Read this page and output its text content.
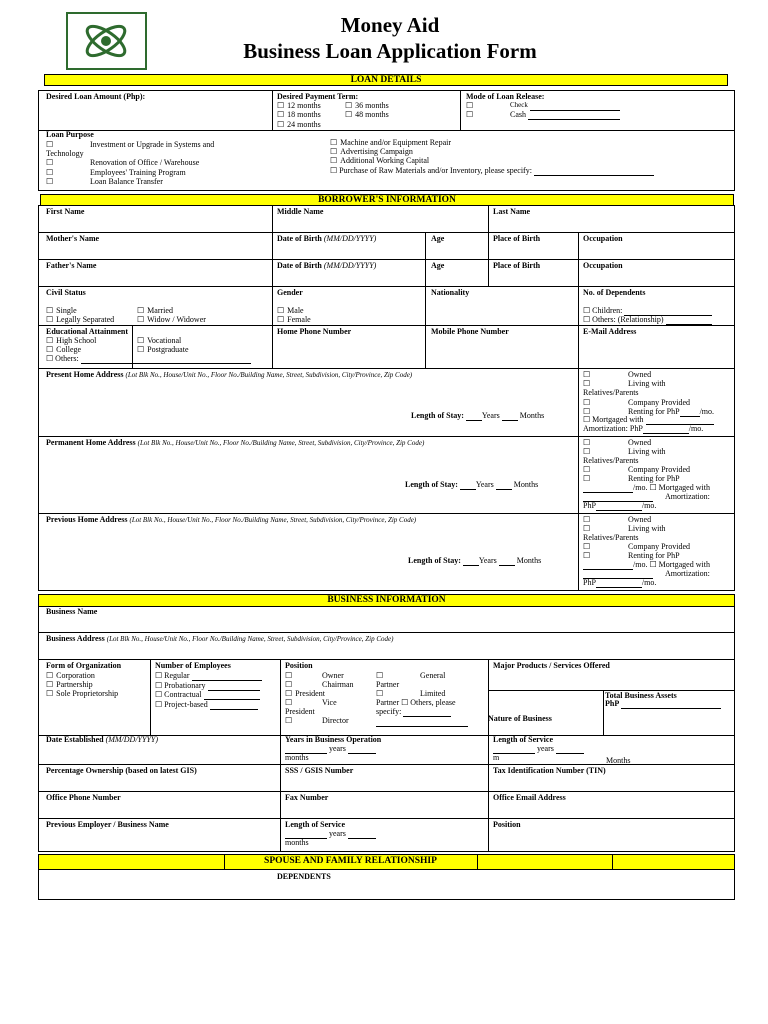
Money Aid
Business Loan Application Form
LOAN DETAILS
Desired Loan Amount (Php):	Desired Payment Term:
☐ 12 months
☐ 18 months
☐ 24 months
☐ 36 months
☐ 48 months
Mode of Loan Release:
☐	Check
☐	Cash
Loan Purpose
☐	Investment or Upgrade in Systems and
Technology
☐	Renovation of Office / Warehouse
☐	Employees' Training Program
☐	Loan Balance Transfer
☐ Machine and/or Equipment Repair
☐ Advertising Campaign
☐ Additional Working Capital
☐ Purchase of Raw Materials and/or Inventory, please specify:
BORROWER'S INFORMATION
First Name	Middle Name	Last Name
Mother's Name	Date of Birth (MM/DD/YYYY)	Age	Place of Birth	Occupation
Father's Name	Date of Birth (MM/DD/YYYY)	Age	Place of Birth	Occupation
Civil Status
☐ Single	☐ Married
☐ Legally Separated	☐ Widow / Widower
Gender
☐ Male
☐ Female
Nationality	No. of Dependents
☐ Children:
☐ Others: (Relationship)
Educational Attainment
☐ High School	☐ Vocational
☐ College	☐ Postgraduate
☐ Others:
Home Phone Number	Mobile Phone Number	E-Mail Address
Present Home Address (Lot Blk No., House/Unit No., Floor No./Building Name, Street, Subdivision, City/Province, Zip Code)
Length of Stay: Years	Months
☐	Owned
☐	Living with
Relatives/Parents
☐	Company Provided
☐	Renting for PhP	/mo.
☐ Mortgaged with
Amortization: PhP	/mo.
Permanent Home Address (Lot Blk No., House/Unit No., Floor No./Building Name, Street, Subdivision, City/Province, Zip Code)
Length of Stay: Years	Months
☐	Owned
☐	Living with
Relatives/Parents
☐	Company Provided
☐	Renting for PhP
/mo. ☐ Mortgaged with
Amortization:
PhP	/mo.
Previous Home Address (Lot Blk No., House/Unit No., Floor No./Building Name, Street, Subdivision, City/Province, Zip Code)
Length of Stay: Years	Months
☐	Owned
☐	Living with
Relatives/Parents
☐	Company Provided
☐	Renting for PhP
/mo. ☐ Mortgaged with
Amortization:
PhP	/mo.
BUSINESS INFORMATION
Business Name
Business Address (Lot Blk No., House/Unit No., Floor No./Building Name, Street, Subdivision, City/Province, Zip Code)
Form of Organization
☐ Corporation
☐ Partnership
☐ Sole Proprietorship
Number of Employees
☐ Regular
☐ Probationary
☐ Contractual
☐ Project-based
Position
☐	Owner
☐	Chairman
☐ President
☐	Vice
President
☐	Director
☐	General
Partner
☐	Limited
Partner ☐ Others, please
specify:
Major Products / Services Offered
Total Business Assets
PhP
Nature of Business
Date Established (MM/DD/YYYY)	Years in Business Operation
years
months
Length of Service
years
m	Months
Percentage Ownership (based on latest GIS)	SSS / GSIS Number	Tax Identification Number (TIN)
Office Phone Number	Fax Number	Office Email Address
Previous Employer / Business Name	Length of Service
years
months
Position
SPOUSE AND FAMILY RELATIONSHIP
DEPENDENTS
